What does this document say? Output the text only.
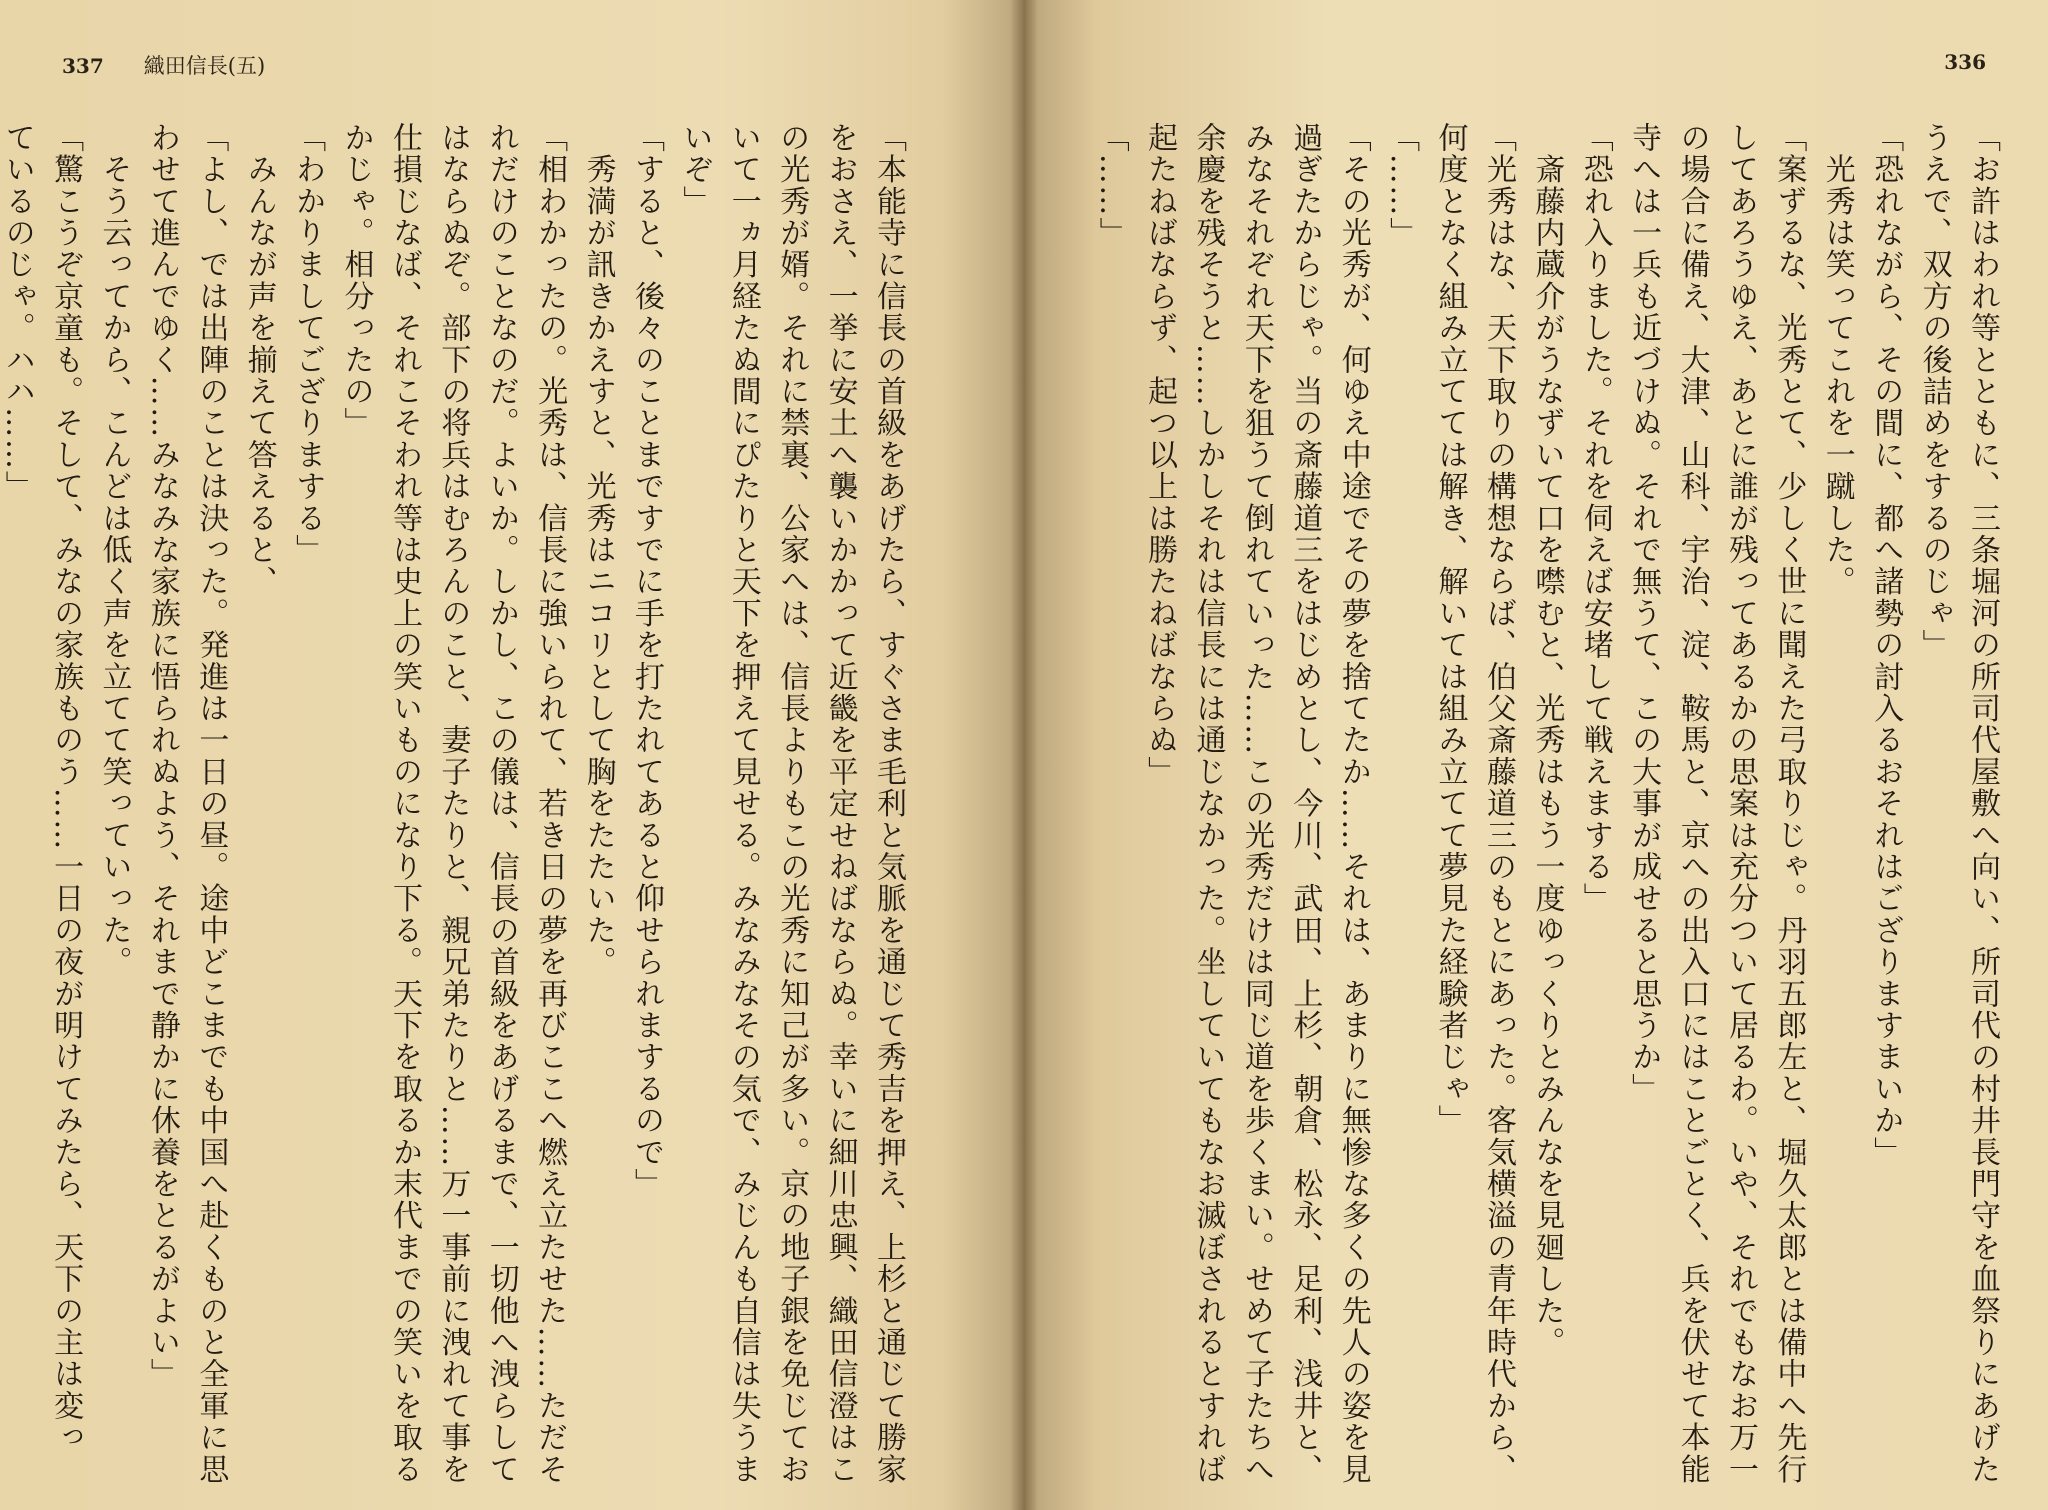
337 織田信長(五)
「本能寺に信長の首級をあげたら、すぐさま毛利と気脈を通じて秀吉を押え、上杉と通じて勝家
をおさえ、一挙に安土へ襲いかかって近畿を平定せねばならぬ。幸いに細川忠興、織田信澄はこ
の光秀が婿。それに禁裏、公家へは、信長よりもこの光秀に知己が多い。京の地子銀を免じてお
いて一ヵ月経たぬ間にぴたりと天下を押えて見せる。みなみなその気で、みじんも自信は失うま
いぞ」
「すると、後々のことまですでに手を打たれてあると仰せられまするので」
　秀満が訊きかえすと、光秀はニコリとして胸をたたいた。
「相わかったの。光秀は、信長に強いられて、若き日の夢を再びここへ燃え立たせた……ただそ
れだけのことなのだ。よいか。しかし、この儀は、信長の首級をあげるまで、一切他へ洩らして
はならぬぞ。部下の将兵はむろんのこと、妻子たりと、親兄弟たりと……万一事前に洩れて事を
仕損じなば、それこそわれ等は史上の笑いものになり下る。天下を取るか末代までの笑いを取る
かじゃ。相分ったの」
「わかりましてござりまする」
　みんなが声を揃えて答えると、
「よし、では出陣のことは決った。発進は一日の昼。途中どこまでも中国へ赴くものと全軍に思
わせて進んでゆく……みなみな家族に悟られぬよう、それまで静かに休養をとるがよい」
　そう云ってから、こんどは低く声を立てて笑っていった。
「驚こうぞ京童も。そして、みなの家族ものう……一日の夜が明けてみたら、天下の主は変っ
ているのじゃ。ハハ……」
336
「お許はわれ等とともに、三条堀河の所司代屋敷へ向い、所司代の村井長門守を血祭りにあげた
うえで、双方の後詰めをするのじゃ」
「恐れながら、その間に、都へ諸勢の討入るおそれはござりますまいか」
　光秀は笑ってこれを一蹴した。
「案ずるな、光秀とて、少しく世に聞えた弓取りじゃ。丹羽五郎左と、堀久太郎とは備中へ先行
してあろうゆえ、あとに誰が残ってあるかの思案は充分ついて居るわ。いや、それでもなお万一
の場合に備え、大津、山科、宇治、淀、鞍馬と、京への出入口にはことごとく、兵を伏せて本能
寺へは一兵も近づけぬ。それで無うて、この大事が成せると思うか」
「恐れ入りました。それを伺えば安堵して戦えまする」
　斎藤内蔵介がうなずいて口を噤むと、光秀はもう一度ゆっくりとみんなを見廻した。
「光秀はな、天下取りの構想ならば、伯父斎藤道三のもとにあった。客気横溢の青年時代から、
何度となく組み立てては解き、解いては組み立てて夢見た経験者じゃ」
「……」
「その光秀が、何ゆえ中途でその夢を捨てたか……それは、あまりに無惨な多くの先人の姿を見
過ぎたからじゃ。当の斎藤道三をはじめとし、今川、武田、上杉、朝倉、松永、足利、浅井と、
みなそれぞれ天下を狙うて倒れていった……この光秀だけは同じ道を歩くまい。せめて子たちへ
余慶を残そうと……しかしそれは信長には通じなかった。坐していてもなお滅ぼされるとすれば
起たねばならず、起つ以上は勝たねばならぬ」
「……」
